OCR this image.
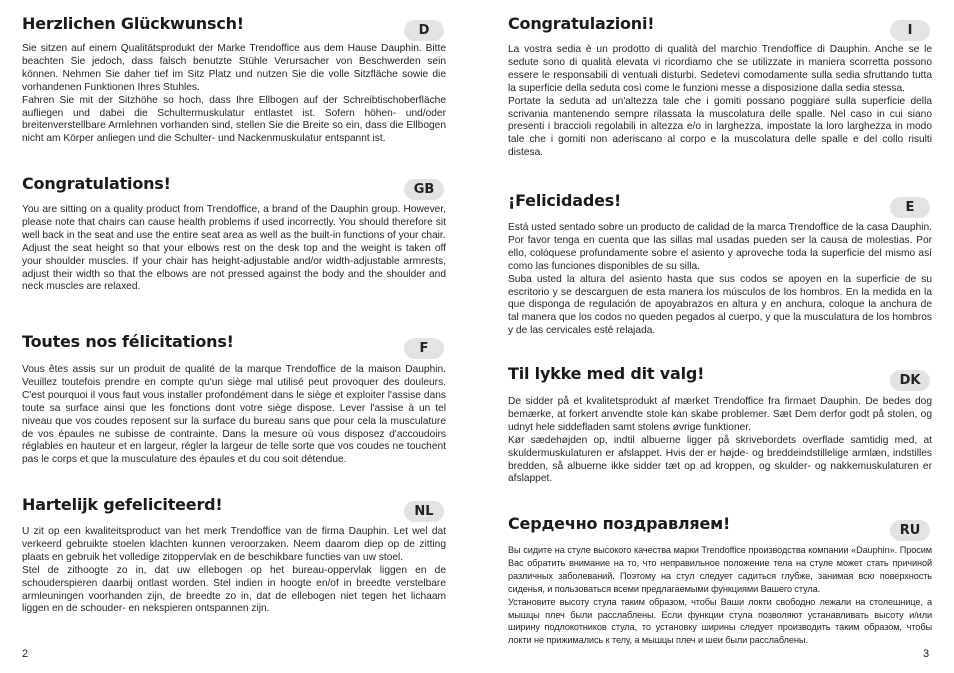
Herzlichen Glückwunsch!	D

Sie sitzen auf einem Qualitätsprodukt der Marke Trendoffice aus dem Hause Dauphin. Bitte beachten Sie jedoch, dass falsch benutzte Stühle Verursacher von Beschwerden sein können. Nehmen Sie daher tief im Sitz Platz und nutzen Sie die volle Sitzfläche sowie die vorhandenen Funktionen Ihres Stuhles.

Fahren Sie mit der Sitzhöhe so hoch, dass Ihre Ellbogen auf der Schreibtischoberfläche aufliegen und dabei die Schultermuskulatur entlastet ist. Sofern höhen- und/oder breitenverstellbare Armlehnen vorhanden sind, stellen Sie die Breite so ein, dass die Ellbogen nicht am Körper anliegen und die Schulter- und Nackenmuskulatur entspannt ist.

Congratulations!	GB

You are sitting on a quality product from Trendoffice, a brand of the Dauphin group. However, please note that chairs can cause health problems if used incorrectly. You should therefore sit well back in the seat and use the entire seat area as well as the built-in functions of your chair.

Adjust the seat height so that your elbows rest on the desk top and the weight is taken off your shoulder muscles. If your chair has height-adjustable and/or width-adjustable armrests, adjust their width so that the elbows are not pressed against the body and the shoulder and neck muscles are relaxed.

Toutes nos félicitations!	F

Vous êtes assis sur un produit de qualité de la marque Trendoffice de la maison Dauphin. Veuillez toutefois prendre en compte qu'un siège mal utilisé peut provoquer des douleurs. C'est pourquoi il vous faut vous installer profondément dans le siège et exploiter l'assise dans toute sa surface ainsi que les fonctions dont votre siège dispose. Lever l'assise à un tel niveau que vos coudes reposent sur la surface du bureau sans que pour cela la musculature de vos épaules ne subisse de contrainte. Dans la mesure où vous disposez d'accoudoirs réglables en hauteur et en largeur, régler la largeur de telle sorte que vos coudes ne touchent pas le corps et que la musculature des épaules et du cou soit détendue.

Hartelijk gefeliciteerd!	NL

U zit op een kwaliteitsproduct van het merk Trendoffice van de firma Dauphin. Let wel dat verkeerd gebruikte stoelen klachten kunnen veroorzaken. Neem daarom diep op de zitting plaats en gebruik het volledige zitoppervlak en de beschikbare functies van uw stoel.

Stel de zithoogte zo in, dat uw ellebogen op het bureau-oppervlak liggen en de schouderspieren daarbij ontlast worden. Stel indien in hoogte en/of in breedte verstelbare armleuningen voorhanden zijn, de breedte zo in, dat de ellebogen niet tegen het lichaam liggen en de schouder- en nekspieren ontspannen zijn.

2
Congratulazioni!	I

La vostra sedia è un prodotto di qualità del marchio Trendoffice di Dauphin. Anche se le sedute sono di qualità elevata vi ricordiamo che se utilizzate in maniera scorretta possono essere le responsabili di ventuali disturbi. Sedetevi comodamente sulla sedia sfruttando tutta la superficie della seduta così come le funzioni messe a disposizione dalla sedia stessa.

Portate la seduta ad un'altezza tale che i gomiti possano poggiare sulla superficie della scrivania mantenendo sempre rilassata la muscolatura delle spalle. Nel caso in cui siano presenti i braccioli regolabili in altezza e/o in larghezza, impostate la loro larghezza in modo tale che i gomiti non aderiscano al corpo e la muscolatura delle spalle e del collo risulti distesa.

¡Felicidades!	E

Está usted sentado sobre un producto de calidad de la marca Trendoffice de la casa Dauphin. Por favor tenga en cuenta que las sillas mal usadas pueden ser la causa de molestias. Por ello, colóquese profundamente sobre el asiento y aproveche toda la superficie del mismo así como las funciones disponibles de su silla.

Suba usted la altura del asiento hasta que sus codos se apoyen en la superficie de su escritorio y se descarguen de esta manera los músculos de los hombros. En la medida en la que disponga de regulación de apoyabrazos en altura y en anchura, coloque la anchura de tal manera que los codos no queden pegados al cuerpo, y que la musculatura de los hombros y de las cervicales esté relajada.

Til lykke med dit valg!	DK

De sidder på et kvalitetsprodukt af mærket Trendoffice fra firmaet Dauphin. De bedes dog bemærke, at forkert anvendte stole kan skabe problemer. Sæt Dem derfor godt på stolen, og udnyt hele siddefladen samt stolens øvrige funktioner.

Kør sædehøjden op, indtil albuerne ligger på skrivebordets overflade samtidig med, at skuldermuskulaturen er afslappet. Hvis der er højde- og breddeindstillelige armlæn, indstilles bredden, så albuerne ikke sidder tæt op ad kroppen, og skulder- og nakkemuskulaturen er afslappet.

Сердечно поздравляем!	RU

Вы сидите на стуле высокого качества марки Trendoffice производства компании «Dauphin». Просим Вас обратить внимание на то, что неправильное положение тела на стуле может стать причиной различных заболеваний. Поэтому на стул следует садиться глубже, занимая всю поверхность сиденья, и пользоваться всеми предлагаемыми функциями Вашего стула.

Установите высоту стула таким образом, чтобы Ваши локти свободно лежали на столешнице, а мышцы плеч были расслаблены. Если функции стула позволяют устанавливать высоту и/или ширину подлокотников стула, то установку ширины следует производить таким образом, чтобы локти не прижимались к телу, а мышцы плеч и шеи были расслаблены.

3
